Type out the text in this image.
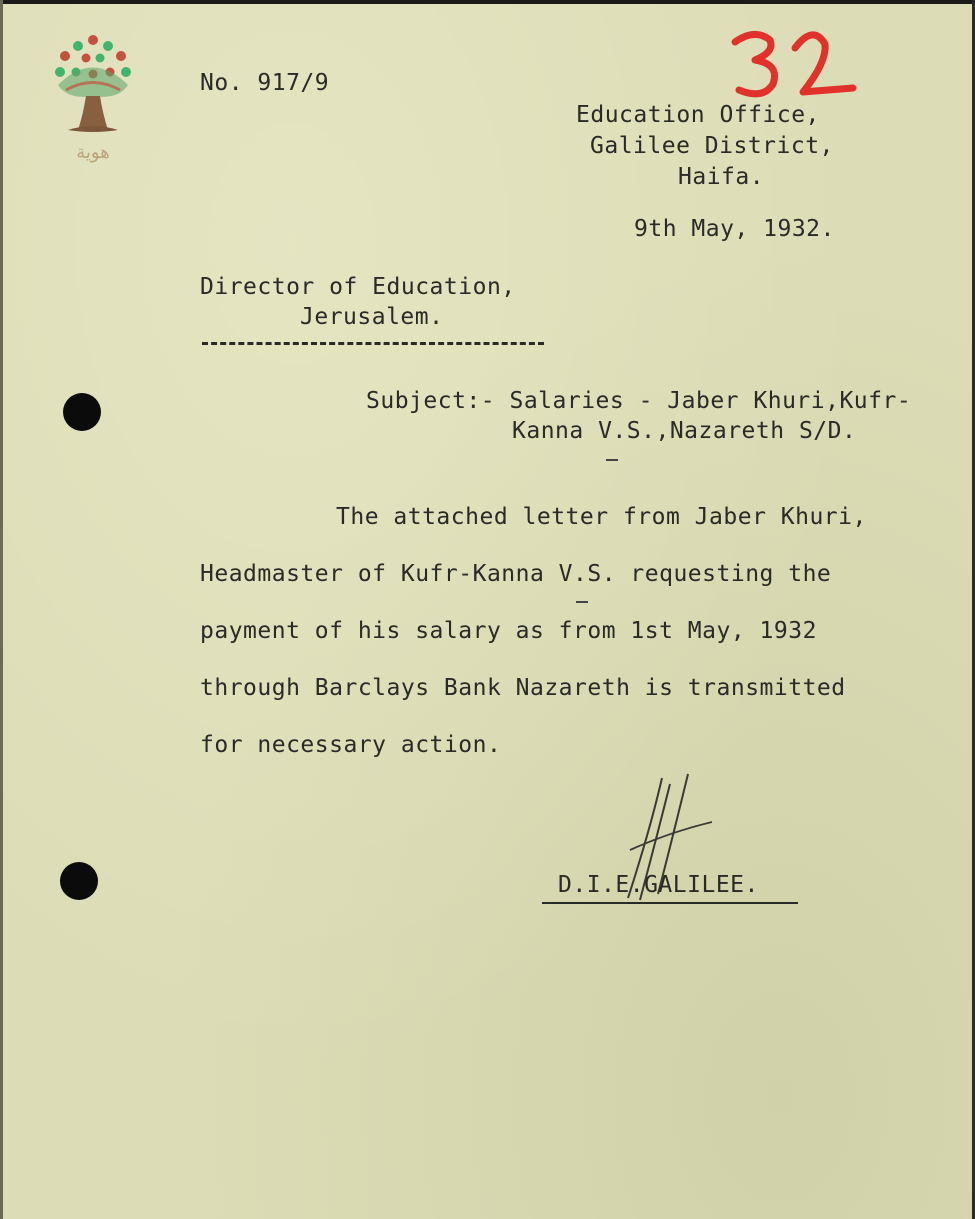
هوية
No. 917/9
Education Office,
Galilee District,
Haifa.
9th May, 1932.
Director of Education,
Jerusalem.
Subject:- Salaries - Jaber Khuri,Kufr-
Kanna V.S.,Nazareth S/D.
The attached letter from Jaber Khuri,
Headmaster of Kufr-Kanna V.S. requesting the
payment of his salary as from 1st May, 1932
through Barclays Bank Nazareth is transmitted
for necessary action.
D.I.E.GALILEE.
